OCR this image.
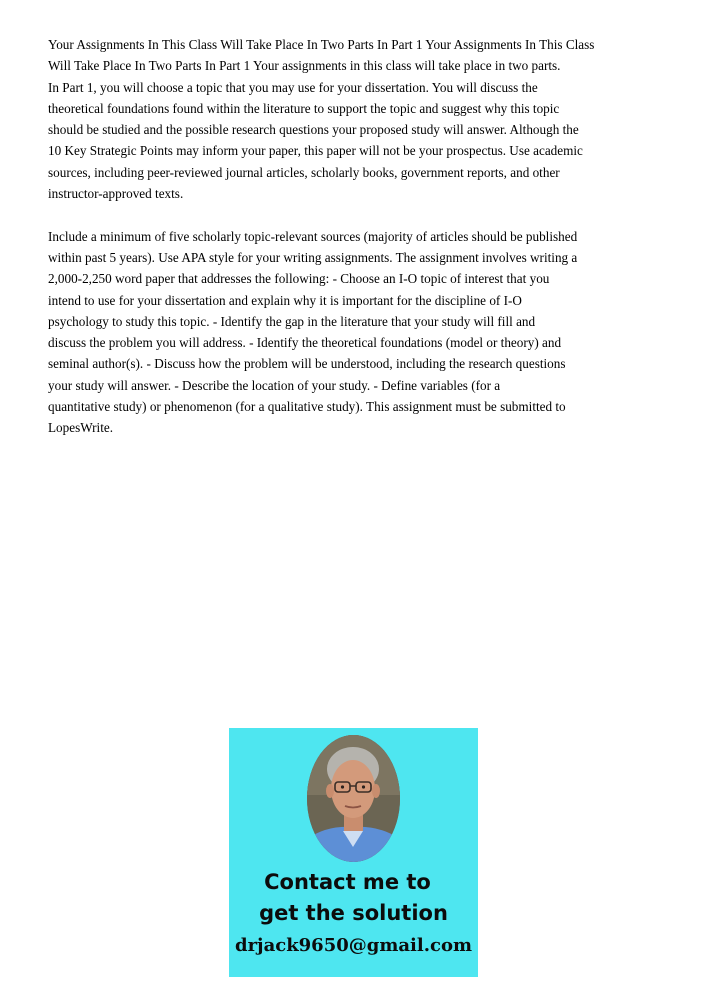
Your Assignments In This Class Will Take Place In Two Parts In Part 1 Your Assignments In This Class
Will Take Place In Two Parts In Part 1 Your assignments in this class will take place in two parts.
In Part 1, you will choose a topic that you may use for your dissertation. You will discuss the
theoretical foundations found within the literature to support the topic and suggest why this topic
should be studied and the possible research questions your proposed study will answer. Although the
10 Key Strategic Points may inform your paper, this paper will not be your prospectus. Use academic
sources, including peer-reviewed journal articles, scholarly books, government reports, and other
instructor-approved texts.
Include a minimum of five scholarly topic-relevant sources (majority of articles should be published
within past 5 years). Use APA style for your writing assignments. The assignment involves writing a
2,000-2,250 word paper that addresses the following: - Choose an I-O topic of interest that you
intend to use for your dissertation and explain why it is important for the discipline of I-O
psychology to study this topic. - Identify the gap in the literature that your study will fill and
discuss the problem you will address. - Identify the theoretical foundations (model or theory) and
seminal author(s). - Discuss how the problem will be understood, including the research questions
your study will answer. - Describe the location of your study. - Define variables (for a
quantitative study) or phenomenon (for a qualitative study). This assignment must be submitted to
LopesWrite.
Contact me to
get the solution
drjack9650@gmail.com
